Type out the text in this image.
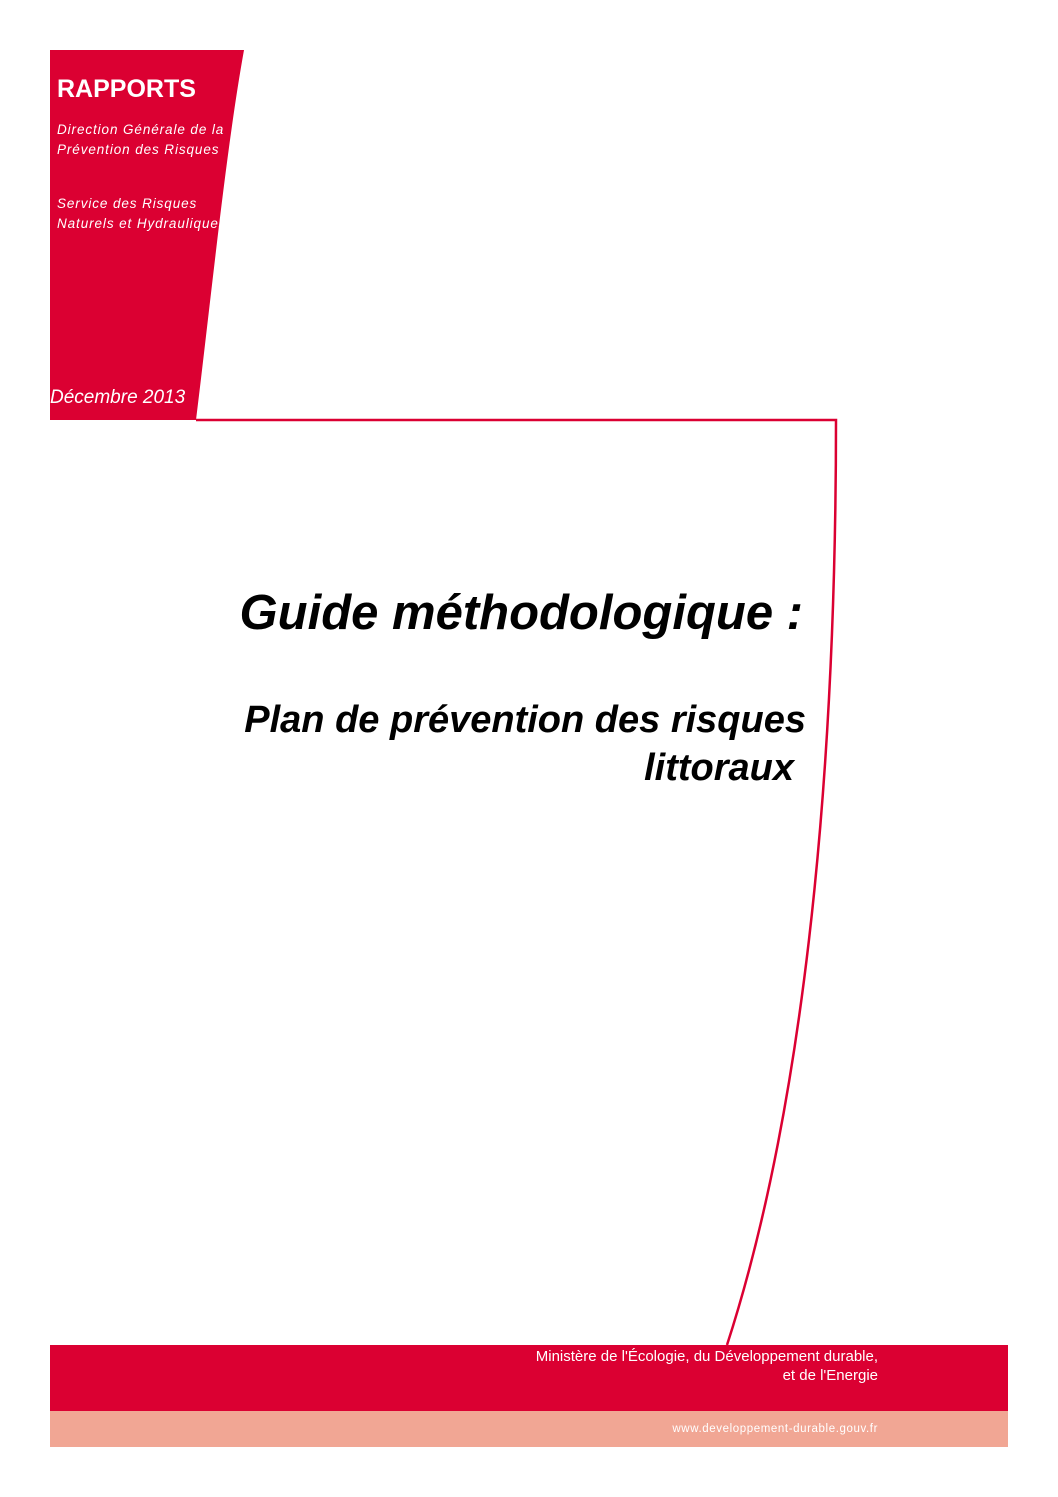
RAPPORTS
Direction Générale de la
Prévention des Risques
Service des Risques
Naturels et Hydrauliques
Décembre 2013
Guide méthodologique :
Plan de prévention des risques
littoraux
Ministère de l'Écologie, du Développement durable,
et de l'Energie
www.developpement-durable.gouv.fr
